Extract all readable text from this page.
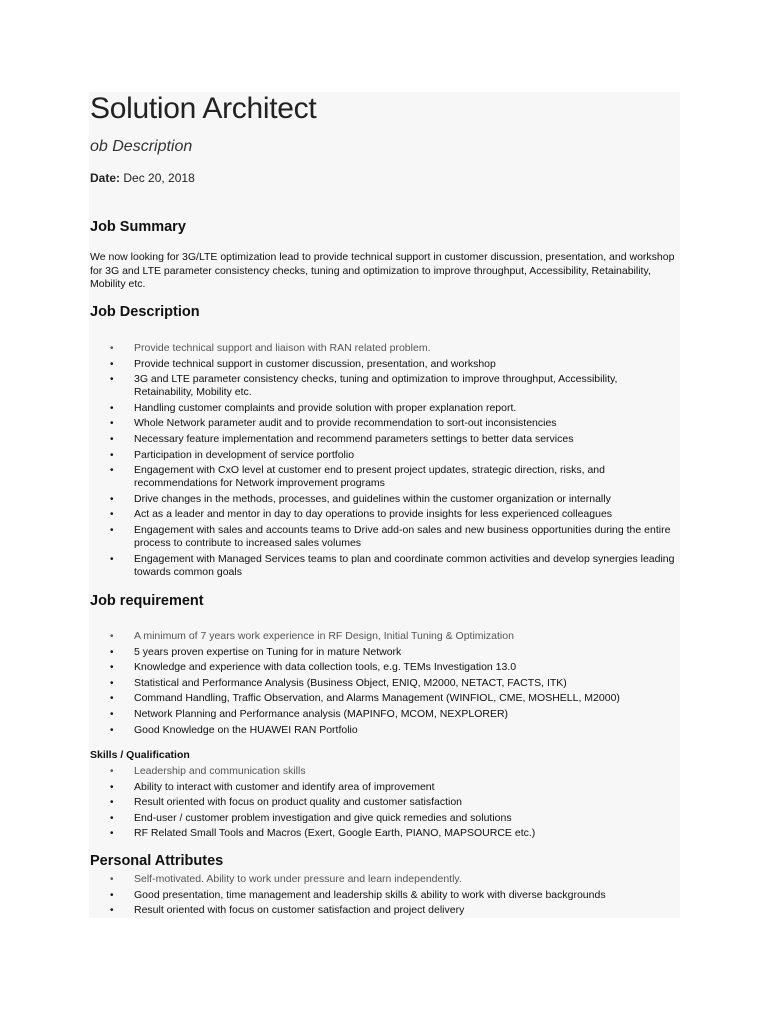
Solution Architect

ob Description

Date: Dec 20, 2018

Job Summary

We now looking for 3G/LTE optimization lead to provide technical support in customer discussion, presentation, and workshop for 3G and LTE parameter consistency checks, tuning and optimization to improve throughput, Accessibility, Retainability, Mobility etc.

Job Description
• Provide technical support and liaison with RAN related problem.
• Provide technical support in customer discussion, presentation, and workshop
• 3G and LTE parameter consistency checks, tuning and optimization to improve throughput, Accessibility, Retainability, Mobility etc.
• Handling customer complaints and provide solution with proper explanation report.
• Whole Network parameter audit and to provide recommendation to sort-out inconsistencies
• Necessary feature implementation and recommend parameters settings to better data services
• Participation in development of service portfolio
• Engagement with CxO level at customer end to present project updates, strategic direction, risks, and recommendations for Network improvement programs
• Drive changes in the methods, processes, and guidelines within the customer organization or internally
• Act as a leader and mentor in day to day operations to provide insights for less experienced colleagues
• Engagement with sales and accounts teams to Drive add-on sales and new business opportunities during the entire process to contribute to increased sales volumes
• Engagement with Managed Services teams to plan and coordinate common activities and develop synergies leading towards common goals
Job requirement
• A minimum of 7 years work experience in RF Design, Initial Tuning & Optimization
• 5 years proven expertise on Tuning for in mature Network
• Knowledge and experience with data collection tools, e.g. TEMs Investigation 13.0
• Statistical and Performance Analysis (Business Object, ENIQ, M2000, NETACT, FACTS, ITK)
• Command Handling, Traffic Observation, and Alarms Management (WINFIOL, CME, MOSHELL, M2000)
• Network Planning and Performance analysis (MAPINFO, MCOM, NEXPLORER)
• Good Knowledge on the HUAWEI RAN Portfolio
Skills / Qualification
• Leadership and communication skills
• Ability to interact with customer and identify area of improvement
• Result oriented with focus on product quality and customer satisfaction
• End-user / customer problem investigation and give quick remedies and solutions
• RF Related Small Tools and Macros (Exert, Google Earth, PIANO, MAPSOURCE etc.)
Personal Attributes
• Self-motivated. Ability to work under pressure and learn independently.
• Good presentation, time management and leadership skills & ability to work with diverse backgrounds
• Result oriented with focus on customer satisfaction and project delivery
